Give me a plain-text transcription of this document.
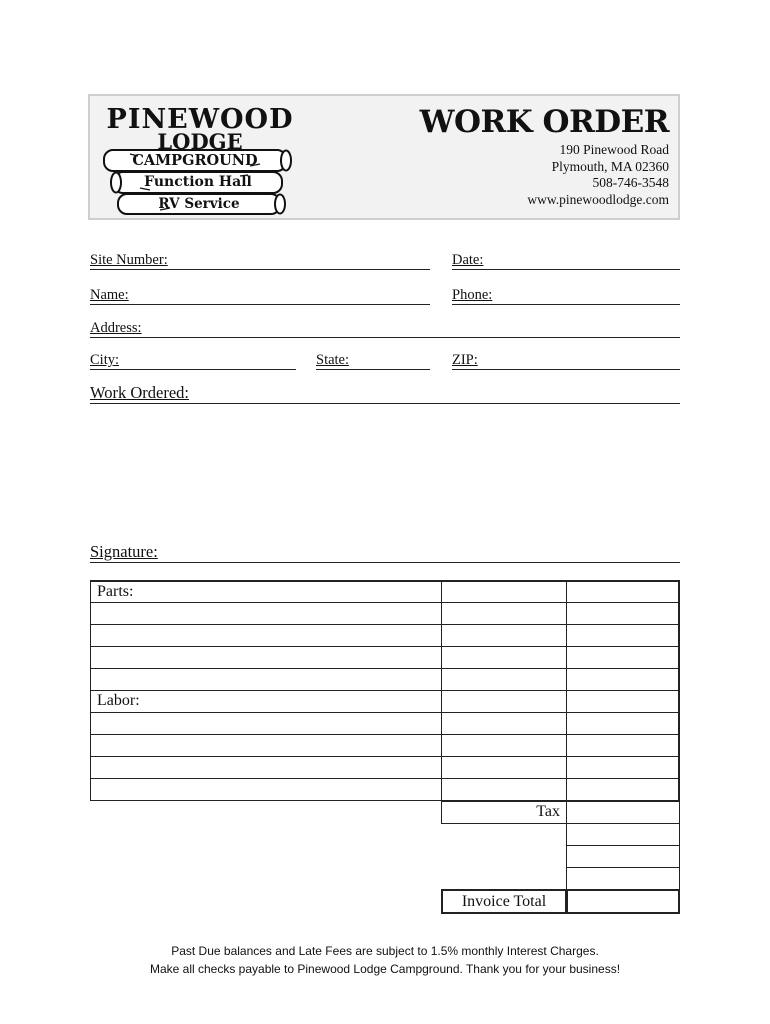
PINEWOOD
LODGE
CAMPGROUND
Function Hall
RV Service
WORK ORDER
190 Pinewood Road
Plymouth, MA 02360
508-746-3548
www.pinewoodlodge.com
Site Number:	Date:
Name:	Phone:
Address:
City:	State:	ZIP:
Work Ordered:
Signature:
Parts:
Labor:
Tax
Invoice Total
Past Due balances and Late Fees are subject to 1.5% monthly Interest Charges.
Make all checks payable to Pinewood Lodge Campground. Thank you for your business!
